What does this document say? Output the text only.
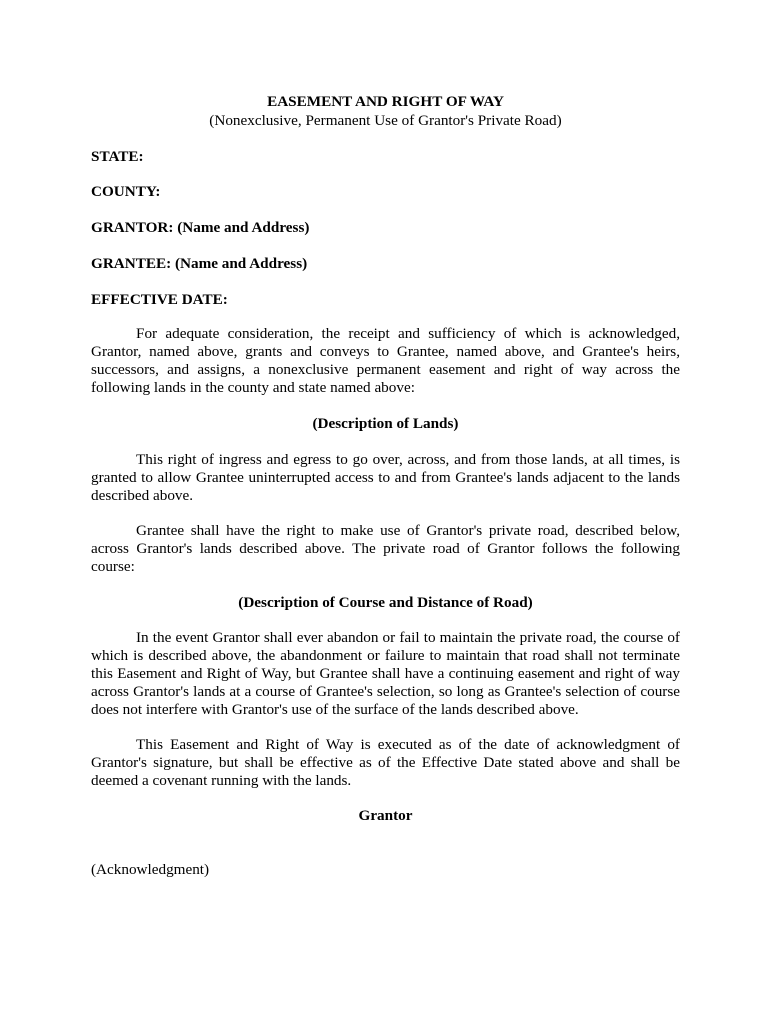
EASEMENT AND RIGHT OF WAY

(Nonexclusive, Permanent Use of Grantor's Private Road)

STATE:

COUNTY:

GRANTOR: (Name and Address)

GRANTEE: (Name and Address)

EFFECTIVE DATE:

For adequate consideration, the receipt and sufficiency of which is acknowledged, Grantor, named above, grants and conveys to Grantee, named above, and Grantee's heirs, successors, and assigns, a nonexclusive permanent easement and right of way across the following lands in the county and state named above:

(Description of Lands)

This right of ingress and egress to go over, across, and from those lands, at all times, is granted to allow Grantee uninterrupted access to and from Grantee's lands adjacent to the lands described above.

Grantee shall have the right to make use of Grantor's private road, described below, across Grantor's lands described above. The private road of Grantor follows the following course:

(Description of Course and Distance of Road)

In the event Grantor shall ever abandon or fail to maintain the private road, the course of which is described above, the abandonment or failure to maintain that road shall not terminate this Easement and Right of Way, but Grantee shall have a continuing easement and right of way across Grantor's lands at a course of Grantee's selection, so long as Grantee's selection of course does not interfere with Grantor's use of the surface of the lands described above.

This Easement and Right of Way is executed as of the date of acknowledgment of Grantor's signature, but shall be effective as of the Effective Date stated above and shall be deemed a covenant running with the lands.

Grantor

(Acknowledgment)
